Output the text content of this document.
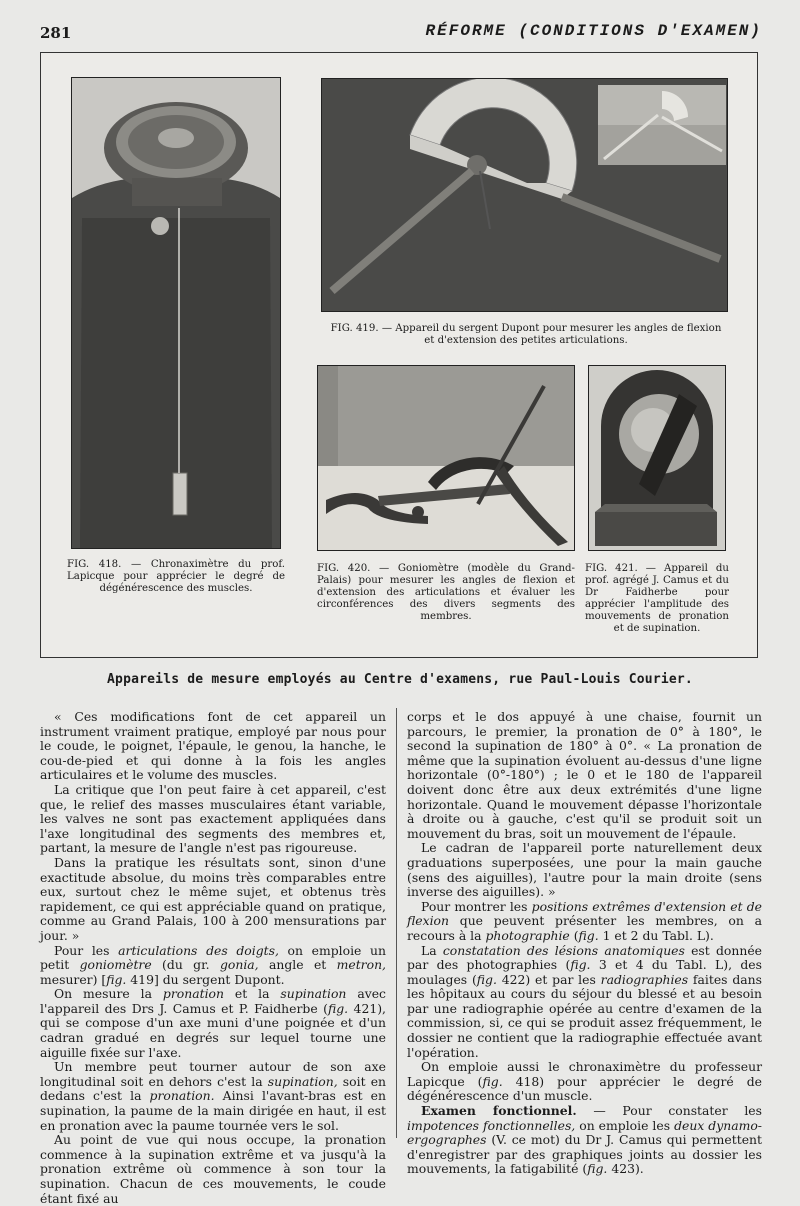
281	RÉFORME (CONDITIONS D'EXAMEN)
FIG. 419. — Appareil du sergent Dupont pour mesurer les angles de flexion et d'extension des petites articulations.
FIG. 420. — Goniomètre (modèle du Grand-Palais) pour mesurer les angles de flexion et d'extension des articulations et évaluer les circonférences des divers segments des membres.
FIG. 421. — Appareil du prof. agrégé J. Camus et du Dr Faidherbe pour apprécier l'amplitude des mouvements de pronation et de supination.
FIG. 418. — Chronaximètre du prof. Lapicque pour apprécier le degré de dégénérescence des muscles.
Appareils de mesure employés au Centre d'examens, rue Paul-Louis Courier.

« Ces modifications font de cet appareil un instrument vraiment pratique, employé par nous pour le coude, le poignet, l'épaule, le genou, la hanche, le cou-de-pied et qui donne à la fois les angles articulaires et le volume des muscles.

La critique que l'on peut faire à cet appareil, c'est que, le relief des masses musculaires étant variable, les valves ne sont pas exactement appliquées dans l'axe longitudinal des segments des membres et, partant, la mesure de l'angle n'est pas rigoureuse.

Dans la pratique les résultats sont, sinon d'une exactitude absolue, du moins très comparables entre eux, surtout chez le même sujet, et obtenus très rapidement, ce qui est appréciable quand on pratique, comme au Grand Palais, 100 à 200 mensurations par jour. »

Pour les articulations des doigts, on emploie un petit goniomètre (du gr. gonia, angle et metron, mesurer) [fig. 419] du sergent Dupont.

On mesure la pronation et la supination avec l'appareil des Drs J. Camus et P. Faidherbe (fig. 421), qui se compose d'un axe muni d'une poignée et d'un cadran gradué en degrés sur lequel tourne une aiguille fixée sur l'axe.

Un membre peut tourner autour de son axe longitudinal soit en dehors c'est la supination, soit en dedans c'est la pronation. Ainsi l'avant-bras est en supination, la paume de la main dirigée en haut, il est en pronation avec la paume tournée vers le sol.

Au point de vue qui nous occupe, la pronation commence à la supination extrême et va jusqu'à la pronation extrême où commence à son tour la supination. Chacun de ces mouvements, le coude étant fixé au

corps et le dos appuyé à une chaise, fournit un parcours, le premier, la pronation de 0° à 180°, le second la supination de 180° à 0°. « La pronation de même que la supination évoluent au-dessus d'une ligne horizontale (0°-180°) ; le 0 et le 180 de l'appareil doivent donc être aux deux extrémités d'une ligne horizontale. Quand le mouvement dépasse l'horizontale à droite ou à gauche, c'est qu'il se produit soit un mouvement du bras, soit un mouvement de l'épaule.

Le cadran de l'appareil porte naturellement deux graduations superposées, une pour la main gauche (sens des aiguilles), l'autre pour la main droite (sens inverse des aiguilles). »

Pour montrer les positions extrêmes d'extension et de flexion que peuvent présenter les membres, on a recours à la photographie (fig. 1 et 2 du Tabl. L).

La constatation des lésions anatomiques est donnée par des photographies (fig. 3 et 4 du Tabl. L), des moulages (fig. 422) et par les radiographies faites dans les hôpitaux au cours du séjour du blessé et au besoin par une radiographie opérée au centre d'examen de la commission, si, ce qui se produit assez fréquemment, le dossier ne contient que la radiographie effectuée avant l'opération.

On emploie aussi le chronaximètre du professeur Lapicque (fig. 418) pour apprécier le degré de dégénérescence d'un muscle.

Examen fonctionnel. — Pour constater les impotences fonctionnelles, on emploie les deux dynamo-ergographes (V. ce mot) du Dr J. Camus qui permettent d'enregistrer par des graphiques joints au dossier les mouvements, la fatigabilité (fig. 423).
